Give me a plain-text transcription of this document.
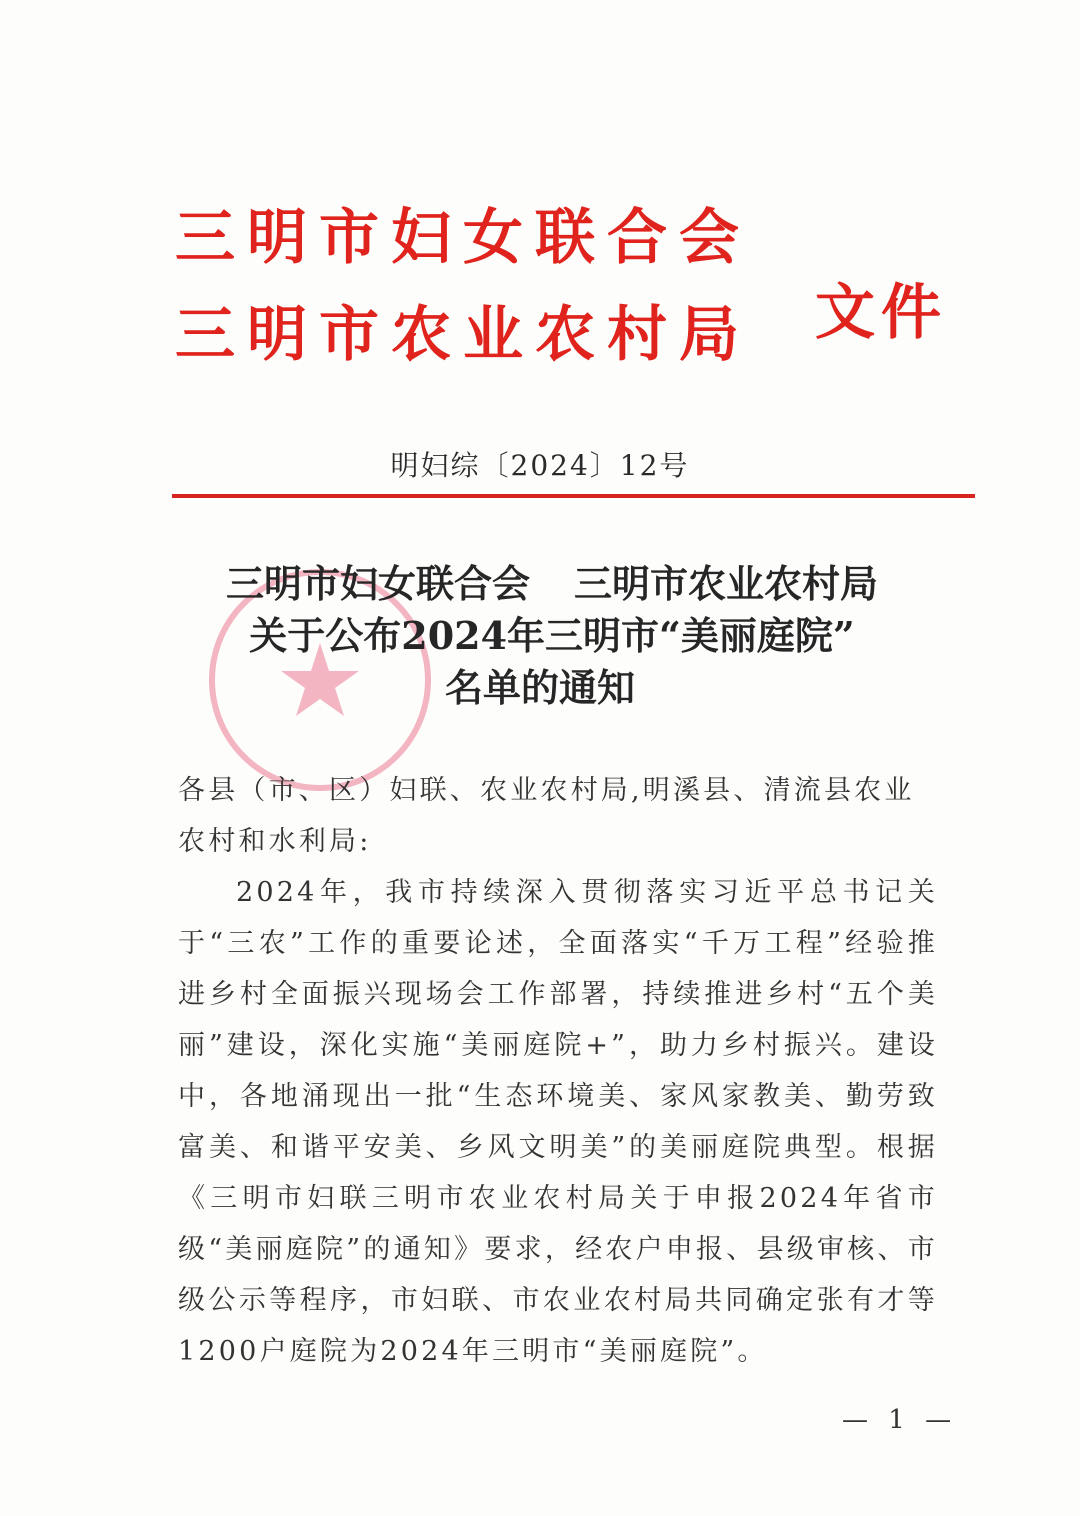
三明市妇女联合会
三明市农业农村局 文件
明妇综〔2024〕12号
三明市妇女联合会 三明市农业农村局
关于公布2024年三明市“美丽庭院”
名单的通知
各县（市、区）妇联、农业农村局,明溪县、清流县农业农村和水利局:
2024年，我市持续深入贯彻落实习近平总书记关于“三农”工作的重要论述，全面落实“千万工程”经验推进乡村全面振兴现场会工作部署，持续推进乡村“五个美丽”建设，深化实施“美丽庭院+”，助力乡村振兴。建设中，各地涌现出一批“生态环境美、家风家教美、勤劳致富美、和谐平安美、乡风文明美”的美丽庭院典型。根据《三明市妇联三明市农业农村局关于申报2024年省市级“美丽庭院”的通知》要求，经农户申报、县级审核、市级公示等程序，市妇联、市农业农村局共同确定张有才等1200户庭院为2024年三明市“美丽庭院”。
— 1 —
